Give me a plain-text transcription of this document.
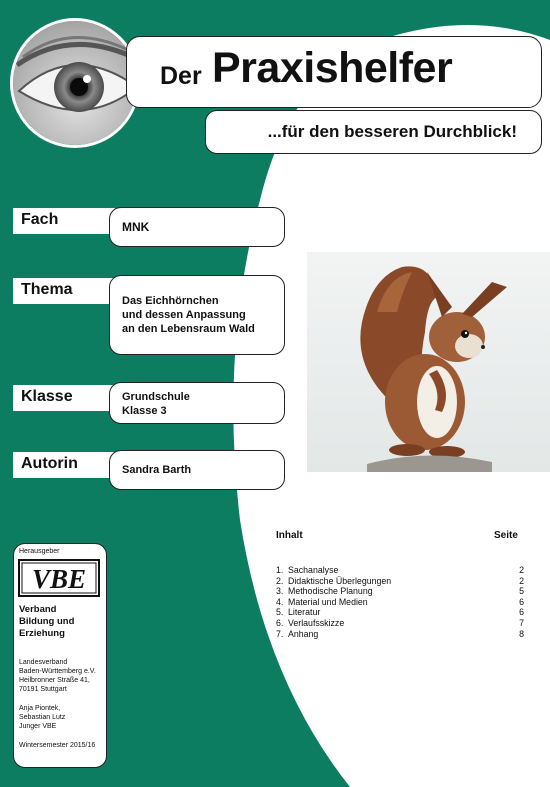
Der Praxishelfer
...für den besseren Durchblick!
Fach	MNK
Thema
Das Eichhörnchen
und dessen Anpassung
an den Lebensraum Wald
Klasse	Grundschule
Klasse 3
Autorin	Sandra Barth
Inhalt	Seite
1. Sachanalyse	2
2. Didaktische Überlegungen	2
3. Methodische Planung	5
4. Material und Medien	6
5. Literatur	6
6. Verlaufsskizze	7
7. Anhang	8
Herausgeber
VBE
Verband
Bildung und
Erziehung
Landesverband
Baden-Württemberg e.V.
Heilbronner Straße 41,
70191 Stuttgart
Anja Piontek,
Sebastian Lutz
Junger VBE
Wintersemester 2015/16
